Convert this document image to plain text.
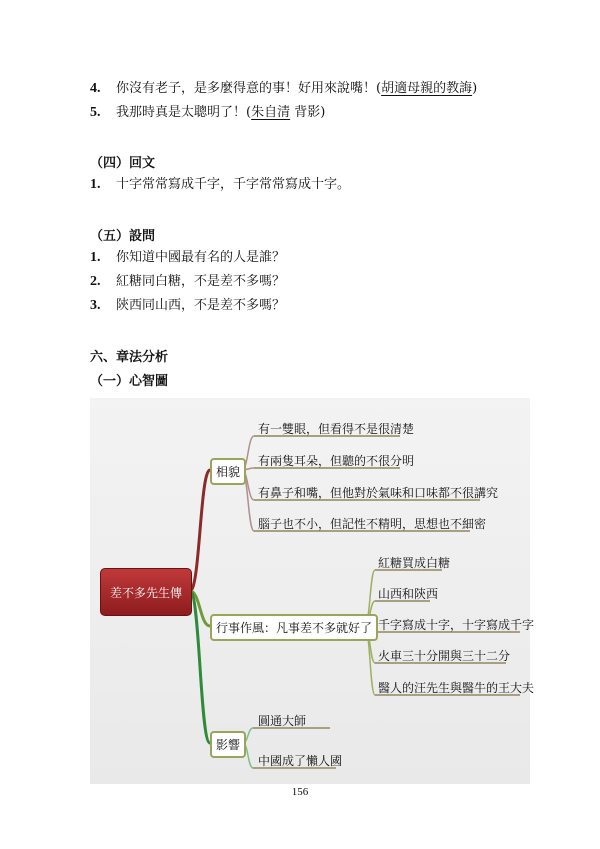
4. 你沒有老子，是多麼得意的事！好用來說嘴！(胡適母親的教誨)
5. 我那時真是太聰明了！(朱自清 背影)
（四）回文
1. 十字常常寫成千字，千字常常寫成十字。
（五）設問
1. 你知道中國最有名的人是誰？
2. 紅糖同白糖，不是差不多嗎？
3. 陝西同山西，不是差不多嗎？
六、章法分析
（一）心智圖
差不多先生傳
相貌
行事作風：凡事差不多就好了
影響
有一雙眼，但看得不是很清楚
有兩隻耳朵，但聽的不很分明
有鼻子和嘴，但他對於氣味和口味都不很講究
腦子也不小，但記性不精明，思想也不細密
紅糖買成白糖
山西和陝西
千字寫成十字，十字寫成千字
火車三十分開與三十二分
醫人的汪先生與醫牛的王大夫
圓通大師
中國成了懶人國
156
